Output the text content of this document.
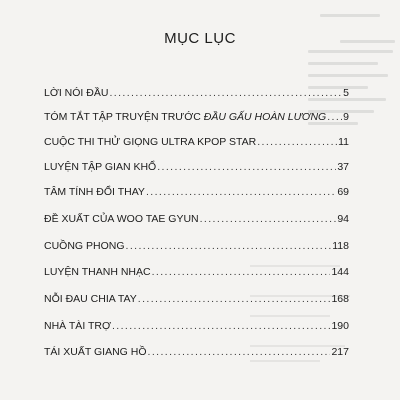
MỤC LỤC
LỜI NÓI ĐẦU .....	5
TÓM TẮT TẬP TRUYỆN TRƯỚC ĐẦU GẤU HOÀN LƯƠNG ..... 9
CUỘC THI THỬ GIỌNG ULTRA KPOP STAR .....	11
LUYỆN TẬP GIAN KHỔ .....	37
TÂM TÍNH ĐỔI THAY .....	69
ĐỀ XUẤT CỦA WOO TAE GYUN .....	94
CUỒNG PHONG .....	118
LUYỆN THANH NHẠC .....	144
NỖI ĐAU CHIA TAY .....	168
NHÀ TÀI TRỢ .....	190
TÁI XUẤT GIANG HỒ .....	217
